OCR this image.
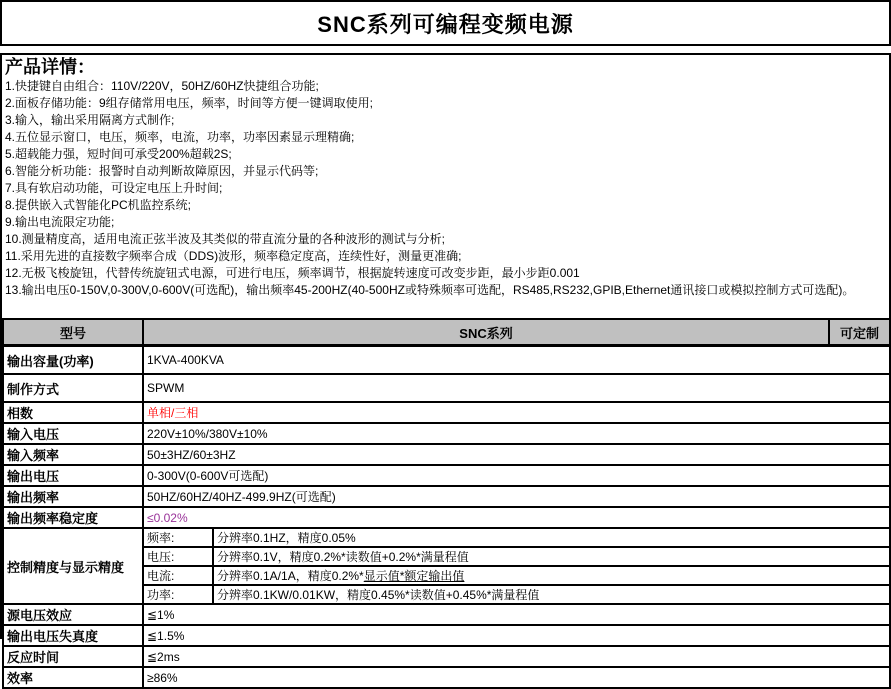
SNC系列可编程变频电源
产品详情：
1.快捷键自由组合：110V/220V，50HZ/60HZ快捷组合功能;
2.面板存储功能：9组存储常用电压，频率，时间等方便一键调取使用;
3.输入，输出采用隔离方式制作;
4.五位显示窗口，电压，频率，电流，功率，功率因素显示理精确;
5.超载能力强，短时间可承受200%超载2S;
6.智能分析功能：报警时自动判断故障原因，并显示代码等;
7.具有软启动功能，可设定电压上升时间;
8.提供嵌入式智能化PC机监控系统;
9.输出电流限定功能;
10.测量精度高，适用电流正弦半波及其类似的带直流分量的各种波形的测试与分析;
11.采用先进的直接数字频率合成（DDS)波形，频率稳定度高，连续性好，测量更准确;
12.无极飞梭旋钮，代替传统旋钮式电源，可进行电压，频率调节，根据旋转速度可改变步距，最小步距0.001
13.输出电压0-150V,0-300V,0-600V(可选配)，输出频率45-200HZ(40-500HZ或特殊频率可选配，RS485,RS232,GPIB,Ethernet通讯接口或模拟控制方式可选配)。
型号	SNC系列		可定制
输出容量(功率)	1KVA-400KVA		
制作方式	SPWM		
相数	单相/三相		
输入电压	220V±10%/380V±10%		
输入频率	50±3HZ/60±3HZ		
输出电压	0-300V(0-600V可选配)		
输出频率	50HZ/60HZ/40HZ-499.9HZ(可选配)		
输出频率稳定度	≤0.02%		
控制精度与显示精度	频率:	分辨率0.1HZ，精度0.05%	
	电压:	分辨率0.1V，精度0.2%*读数值+0.2%*满量程值	
	电流:	分辨率0.1A/1A，精度0.2%*显示值*额定输出值	
	功率:	分辨率0.1KW/0.01KW，精度0.45%*读数值+0.45%*满量程值	
源电压效应	≦1%		
输出电压失真度	≦1.5%		
反应时间	≦2ms		
效率	≥86%		
